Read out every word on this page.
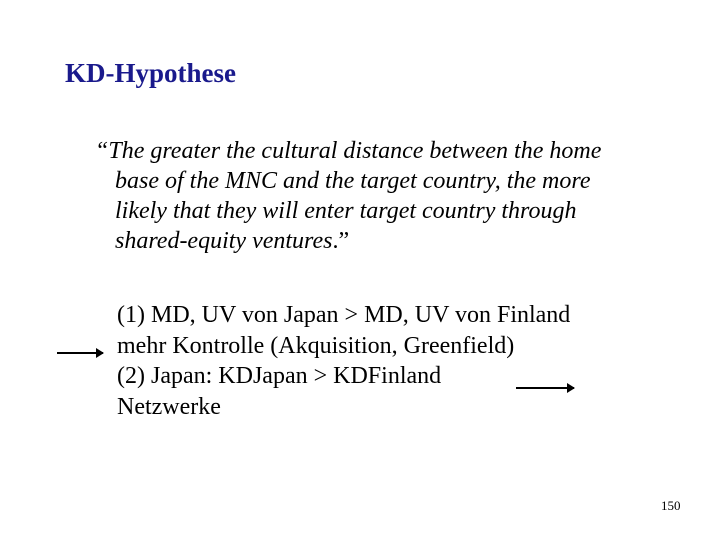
KD-Hypothese
“The greater the cultural distance between the home
base of the MNC and the target country, the more
likely that they will enter target country through
shared-equity ventures.”
(1) MD, UV von Japan > MD, UV von Finland
mehr Kontrolle (Akquisition, Greenfield)
(2) Japan: KDJapan > KDFinland
Netzwerke
150
